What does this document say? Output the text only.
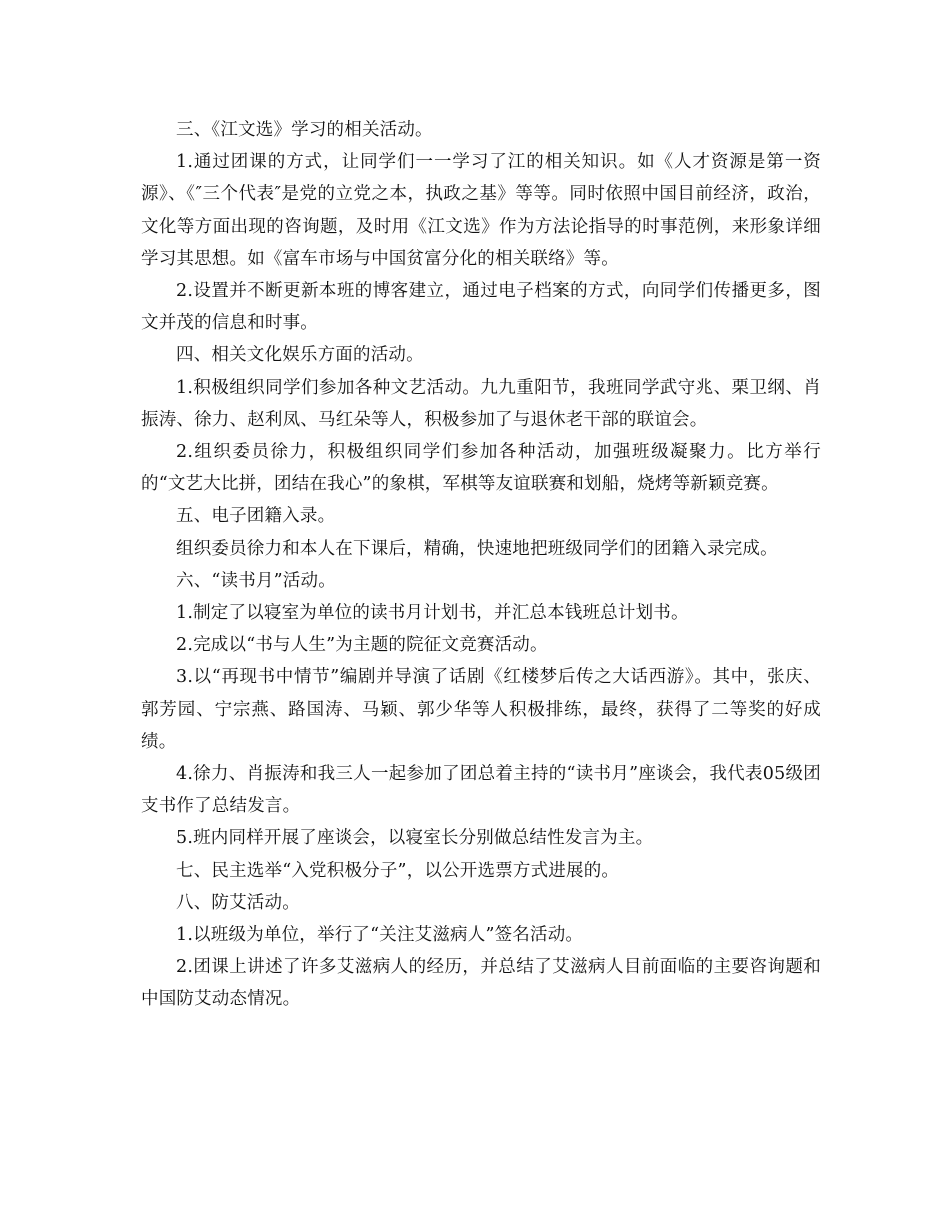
三、《江文选》学习的相关活动。

1.通过团课的方式，让同学们一一学习了江的相关知识。如《人才资源是第一资源》、《″三个代表″是党的立党之本，执政之基》等等。同时依照中国目前经济，政治，文化等方面出现的咨询题，及时用《江文选》作为方法论指导的时事范例，来形象详细学习其思想。如《富车市场与中国贫富分化的相关联络》等。

2.设置并不断更新本班的博客建立，通过电子档案的方式，向同学们传播更多，图文并茂的信息和时事。

四、相关文化娱乐方面的活动。

1.积极组织同学们参加各种文艺活动。九九重阳节，我班同学武守兆、栗卫纲、肖振涛、徐力、赵利凤、马红朵等人，积极参加了与退休老干部的联谊会。

2.组织委员徐力，积极组织同学们参加各种活动，加强班级凝聚力。比方举行的“文艺大比拼，团结在我心”的象棋，军棋等友谊联赛和划船，烧烤等新颖竞赛。

五、电子团籍入录。

组织委员徐力和本人在下课后，精确，快速地把班级同学们的团籍入录完成。

六、“读书月”活动。

1.制定了以寝室为单位的读书月计划书，并汇总本钱班总计划书。

2.完成以“书与人生”为主题的院征文竞赛活动。

3.以“再现书中情节”编剧并导演了话剧《红楼梦后传之大话西游》。其中，张庆、郭芳园、宁宗燕、路国涛、马颖、郭少华等人积极排练，最终，获得了二等奖的好成绩。

4.徐力、肖振涛和我三人一起参加了团总着主持的“读书月”座谈会，我代表05级团支书作了总结发言。

5.班内同样开展了座谈会，以寝室长分别做总结性发言为主。

七、民主选举“入党积极分子”，以公开选票方式进展的。

八、防艾活动。

1.以班级为单位，举行了“关注艾滋病人”签名活动。

2.团课上讲述了许多艾滋病人的经历，并总结了艾滋病人目前面临的主要咨询题和中国防艾动态情况。
